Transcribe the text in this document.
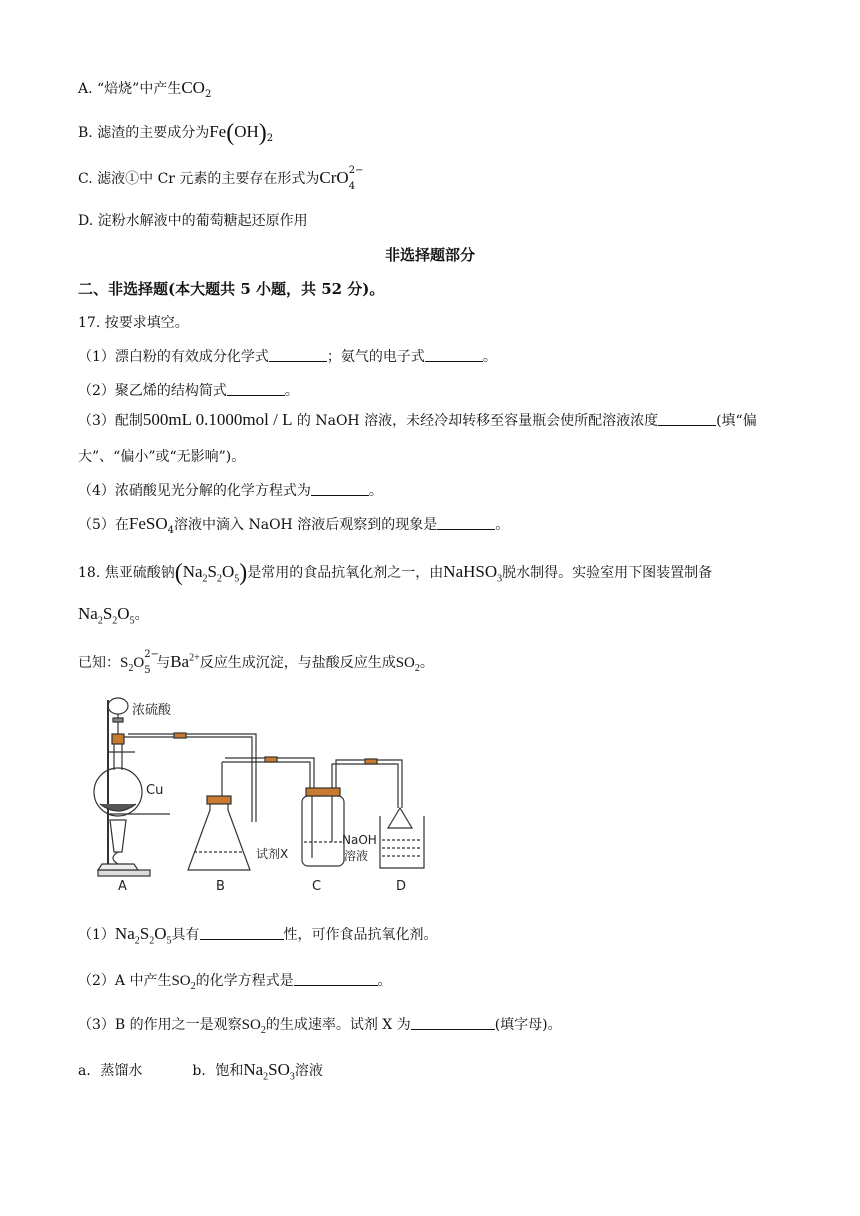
A. “焙烧”中产生$CO_2$
B. 滤渣的主要成分为$Fe(OH)_2$
C. 滤液①中 Cr 元素的主要存在形式为CrO 2−
4
D. 淀粉水解液中的葡萄糖起还原作用
非选择题部分
二、非选择题(本大题共 5 小题，共 52 分)。
17. 按要求填空。
（1）漂白粉的有效成分化学式	；氨气的电子式	。
（2）聚乙烯的结构简式	。
（3）配制500mL 0.1000mol / L 的 NaOH 溶液，未经冷却转移至容量瓶会使所配溶液浓度	(填“偏
大”、“偏小”或“无影响”)。
（4）浓硝酸见光分解的化学方程式为	。
（5）在FeSO$_4$溶液中滴入 NaOH 溶液后观察到的现象是	。
18. 焦亚硫酸钠$(Na_2S_2O_5)$是常用的食品抗氧化剂之一，由NaHSO$_3$脱水制得。实验室用下图装置制备
$Na_2S_2O_5$。
已知：$S_2O$
2−
5 与$Ba^{2+}$反应生成沉淀，与盐酸反应生成$SO_2$。
浓硫酸
Cu
试剂X
NaOH
溶液
A	B	C	D
$(1)Na_2S_2O_5$具有	性，可作食品抗氧化剂。
（2）A 中产生$SO_2$的化学方程式是	。
（3）B 的作用之一是观察$SO_2$的生成速率。试剂 X 为	(填字母)。
a．蒸馏水	b．饱和$Na_2SO_3$溶液
